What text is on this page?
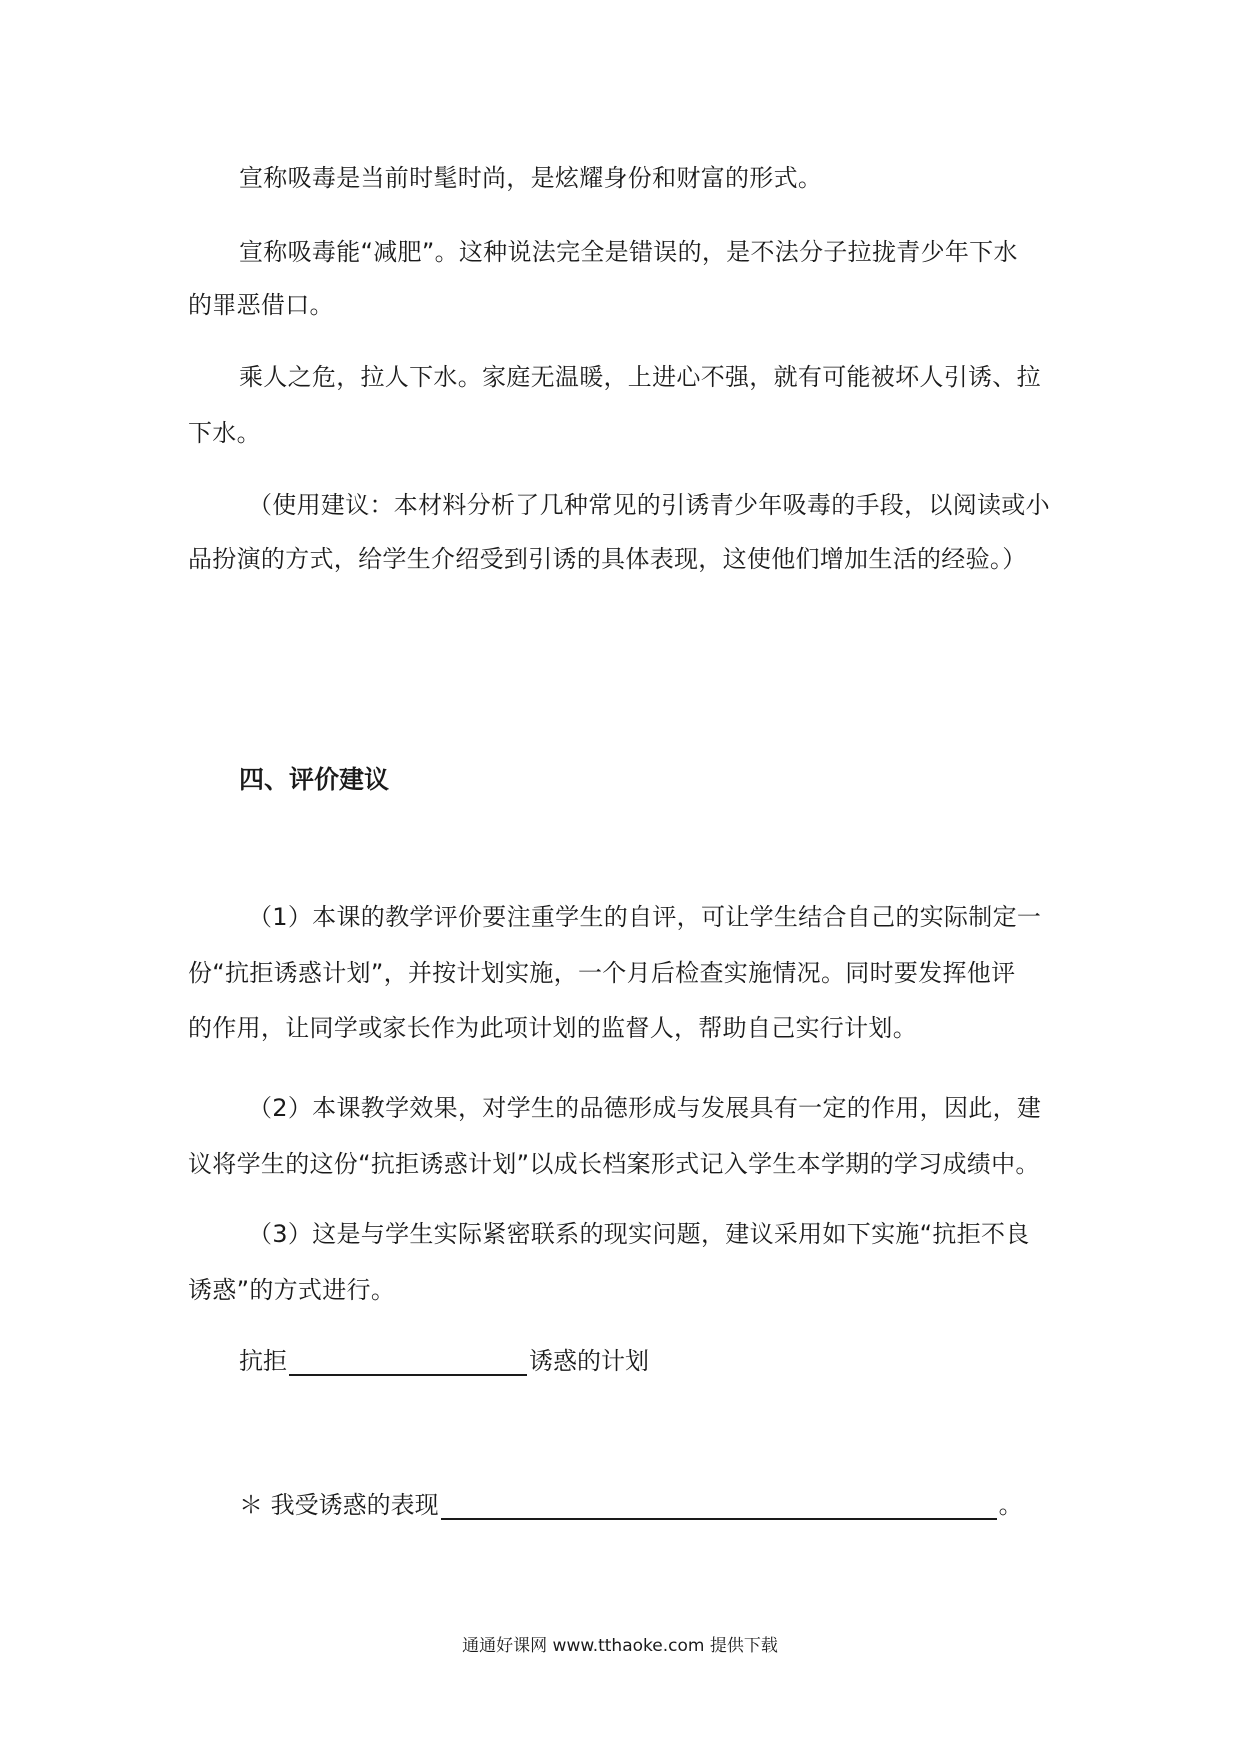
宣称吸毒是当前时髦时尚，是炫耀身份和财富的形式。
宣称吸毒能“减肥”。这种说法完全是错误的，是不法分子拉拢青少年下水
的罪恶借口。
乘人之危，拉人下水。家庭无温暖，上进心不强，就有可能被坏人引诱、拉
下水。
（使用建议：本材料分析了几种常见的引诱青少年吸毒的手段，以阅读或小
品扮演的方式，给学生介绍受到引诱的具体表现，这使他们增加生活的经验。）
四、评价建议
（1）本课的教学评价要注重学生的自评，可让学生结合自己的实际制定一
份“抗拒诱惑计划”，并按计划实施，一个月后检查实施情况。同时要发挥他评
的作用，让同学或家长作为此项计划的监督人，帮助自己实行计划。
（2）本课教学效果，对学生的品德形成与发展具有一定的作用，因此，建
议将学生的这份“抗拒诱惑计划”以成长档案形式记入学生本学期的学习成绩中。
（3）这是与学生实际紧密联系的现实问题，建议采用如下实施“抗拒不良
诱惑”的方式进行。
抗拒	诱惑的计划
＊ 我受诱惑的表现	。
通通好课网 www.tthaoke.com 提供下载
